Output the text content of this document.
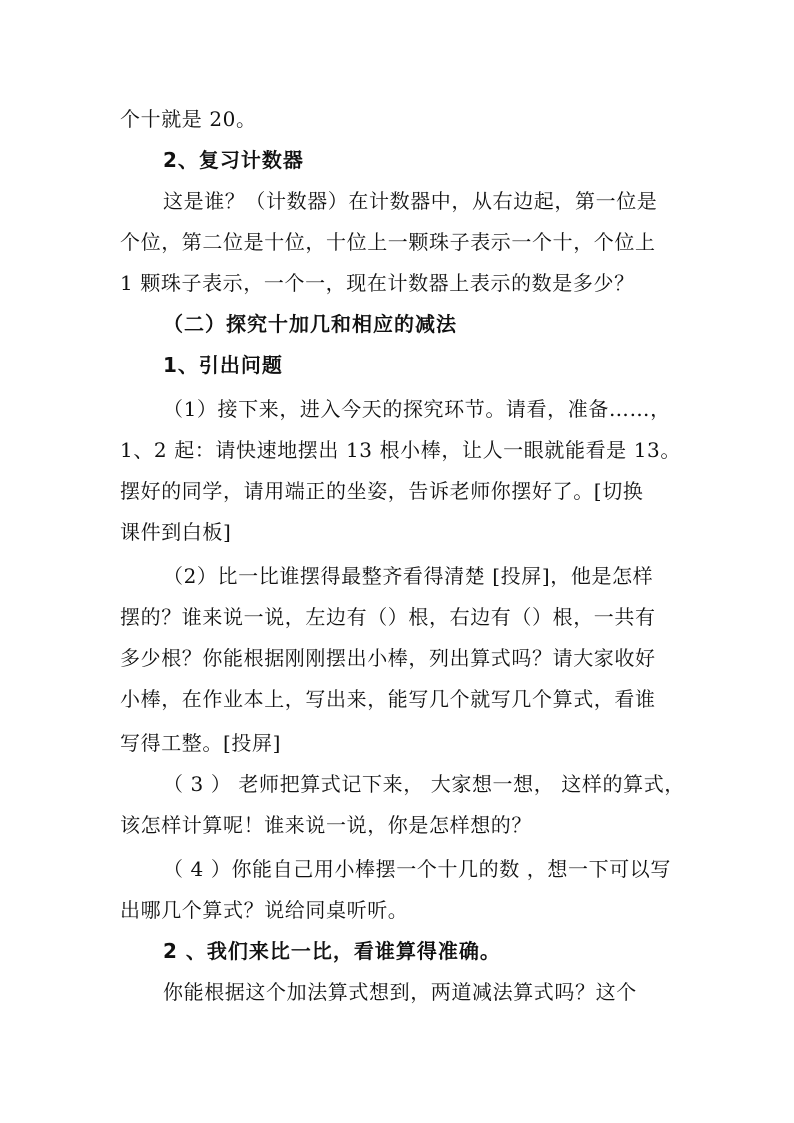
个十就是 20。
2、复习计数器
这是谁？（计数器）在计数器中，从右边起，第一位是
个位，第二位是十位，十位上一颗珠子表示一个十，个位上
1 颗珠子表示，一个一，现在计数器上表示的数是多少？
（二）探究十加几和相应的减法
1、引出问题
（1）接下来，进入今天的探究环节。请看，准备……，
1、2 起：请快速地摆出 13 根小棒，让人一眼就能看是 13。
摆好的同学，请用端正的坐姿，告诉老师你摆好了。[切换
课件到白板]
（2）比一比谁摆得最整齐看得清楚 [投屏]，他是怎样
摆的？谁来说一说，左边有（）根，右边有（）根，一共有
多少根？你能根据刚刚摆出小棒，列出算式吗？请大家收好
小棒，在作业本上，写出来，能写几个就写几个算式，看谁
写得工整。[投屏]
（ 3 ） 老师把算式记下来， 大家想一想， 这样的算式，
该怎样计算呢！谁来说一说，你是怎样想的？
（ 4 ）你能自己用小棒摆一个十几的数 ，想一下可以写
出哪几个算式？说给同桌听听。
2 、我们来比一比，看谁算得准确。
你能根据这个加法算式想到，两道减法算式吗？这个
